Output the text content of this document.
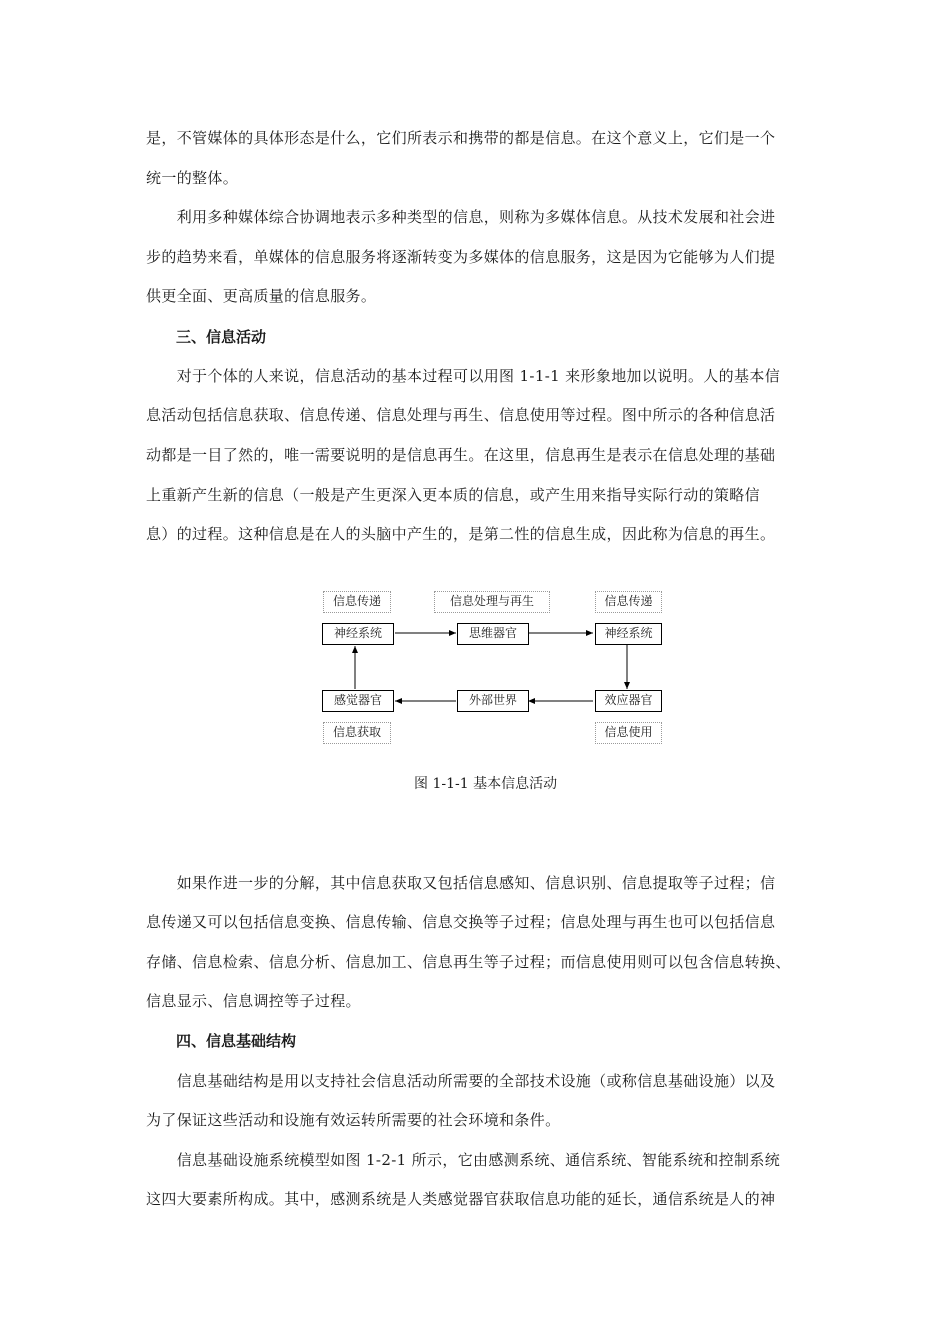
是，不管媒体的具体形态是什么，它们所表示和携带的都是信息。在这个意义上，它们是一个
统一的整体。
　　利用多种媒体综合协调地表示多种类型的信息，则称为多媒体信息。从技术发展和社会进
步的趋势来看，单媒体的信息服务将逐渐转变为多媒体的信息服务，这是因为它能够为人们提
供更全面、更高质量的信息服务。
三、信息活动
　　对于个体的人来说，信息活动的基本过程可以用图 1-1-1 来形象地加以说明。人的基本信
息活动包括信息获取、信息传递、信息处理与再生、信息使用等过程。图中所示的各种信息活
动都是一目了然的，唯一需要说明的是信息再生。在这里，信息再生是表示在信息处理的基础
上重新产生新的信息（一般是产生更深入更本质的信息，或产生用来指导实际行动的策略信
息）的过程。这种信息是在人的头脑中产生的，是第二性的信息生成，因此称为信息的再生。
信息传递	信息处理与再生	信息传递
神经系统	思维器官	神经系统
感觉器官	外部世界	效应器官
信息获取	信息使用
图 1-1-1 基本信息活动
　　如果作进一步的分解，其中信息获取又包括信息感知、信息识别、信息提取等子过程；信
息传递又可以包括信息变换、信息传输、信息交换等子过程；信息处理与再生也可以包括信息
存储、信息检索、信息分析、信息加工、信息再生等子过程；而信息使用则可以包含信息转换、
信息显示、信息调控等子过程。
四、信息基础结构
　　信息基础结构是用以支持社会信息活动所需要的全部技术设施（或称信息基础设施）以及
为了保证这些活动和设施有效运转所需要的社会环境和条件。
　　信息基础设施系统模型如图 1-2-1 所示，它由感测系统、通信系统、智能系统和控制系统
这四大要素所构成。其中，感测系统是人类感觉器官获取信息功能的延长，通信系统是人的神
